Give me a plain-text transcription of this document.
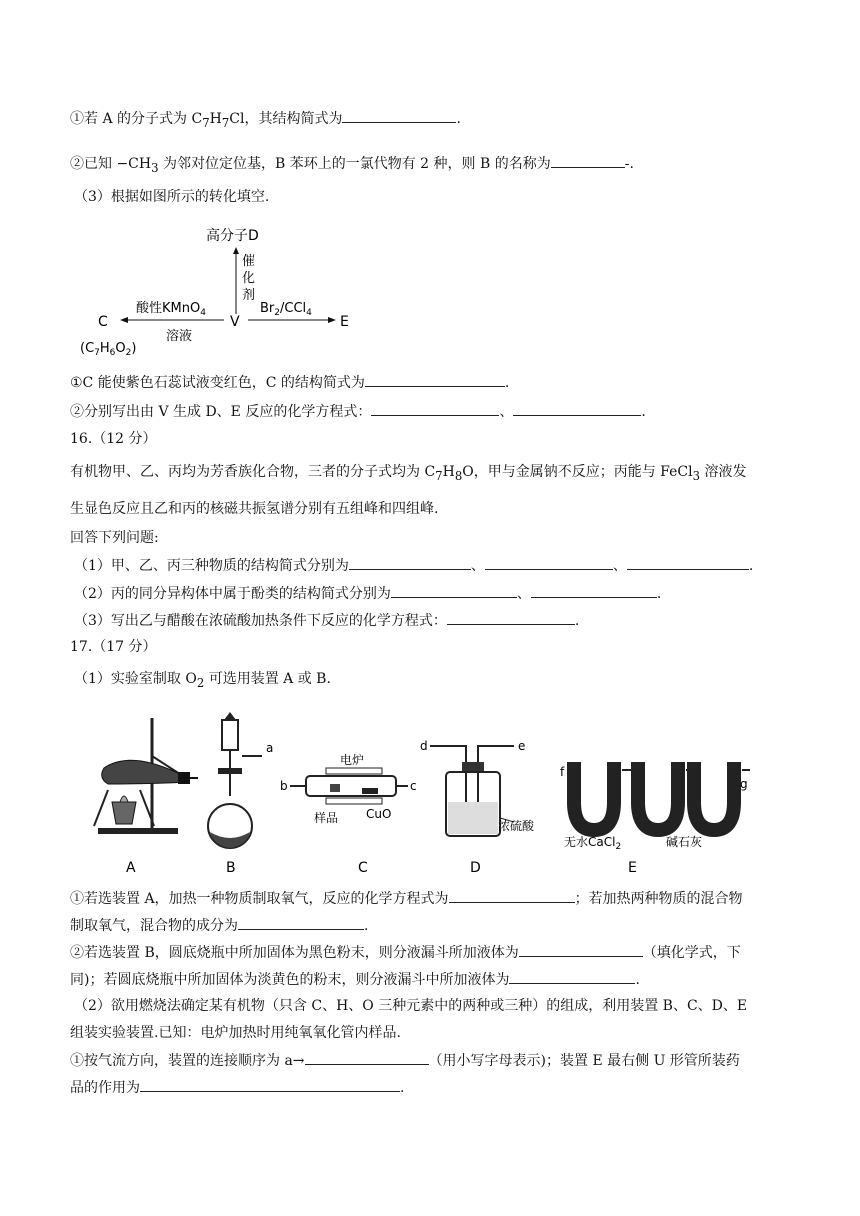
①若 A 的分子式为 $C_7H_7Cl$，其结构简式为	.
②已知 $-CH_3$ 为邻对位定位基，B 苯环上的一氯代物有 2 种，则 B 的名称为	-.
（3）根据如图所示的转化填空.
高分子D
催
化
剂
酸性KMnO$_4$
溶液
V
$Br_2/CCl_4$
C
$(C_7H_6O_2)$
E
①C 能使紫色石蕊试液变红色，C 的结构简式为	.
②分别写出由 V 生成 D、E 反应的化学方程式：	、	.
16.（12 分）
有机物甲、乙、丙均为芳香族化合物，三者的分子式均为 $C_7H_8O$，甲与金属钠不反应；丙能与 FeCl$_3$ 溶液发
生显色反应且乙和丙的核磁共振氢谱分别有五组峰和四组峰.
回答下列问题:
（1）甲、乙、丙三种物质的结构简式分别为	、	、	.
（2）丙的同分异构体中属于酚类的结构简式分别为	、	.
（3）写出乙与醋酸在浓硫酸加热条件下反应的化学方程式：	.
17.（17 分）
（1）实验室制取 $O_2$ 可选用装置 A 或 B.
A
a
B
b	c
电炉
样品 CuO
C
d	e
浓硫酸
D
f
g
无水CaCl$_2$	碱石灰
E
①若选装置 A，加热一种物质制取氧气，反应的化学方程式为	；若加热两种物质的混合物
制取氧气，混合物的成分为	.
②若选装置 B，圆底烧瓶中所加固体为黑色粉末，则分液漏斗所加液体为	（填化学式，下
同)；若圆底烧瓶中所加固体为淡黄色的粉末，则分液漏斗中所加液体为	.
（2）欲用燃烧法确定某有机物（只含 C、H、O 三种元素中的两种或三种）的组成，利用装置 B、C、D、E
组装实验装置.已知：电炉加热时用纯氧氧化管内样品.
①按气流方向，装置的连接顺序为 a→	（用小写字母表示)；装置 E 最右侧 U 形管所装药
品的作用为	.
